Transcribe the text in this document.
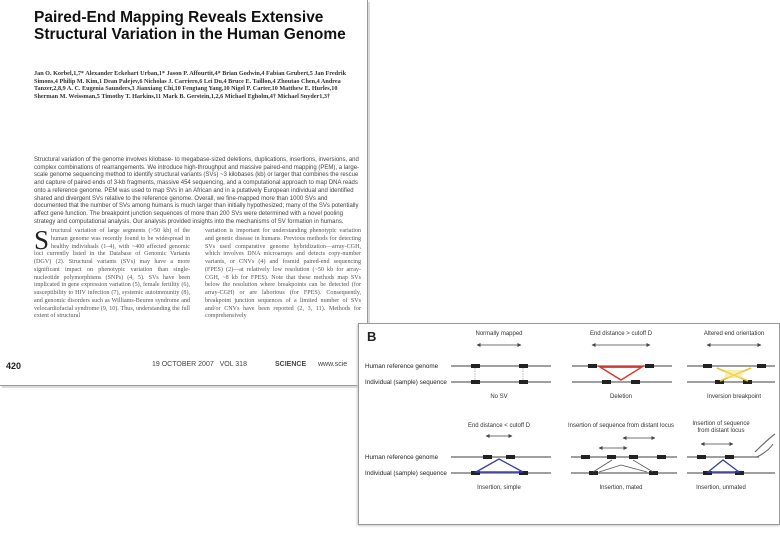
Paired-End Mapping Reveals Extensive Structural Variation in the Human Genome

Jan O. Korbel,1,7* Alexander Eckehart Urban,1* Jason P. Affourtit,4* Brian Godwin,4 Fabian Grubert,5 Jan Fredrik Simons,4 Philip M. Kim,1 Dean Palejev,6 Nicholas J. Carriero,6 Lei Du,4 Bruce E. Taillon,4 Zhoutao Chen,4 Andrea Tanzer,2,8,9 A. C. Eugenia Saunders,3 Jianxiang Chi,10 Fengtang Yang,10 Nigel P. Carter,10 Matthew E. Hurles,10 Sherman M. Weissman,5 Timothy T. Harkins,11 Mark B. Gerstein,1,2,6 Michael Egholm,4† Michael Snyder1,3†

Structural variation of the genome involves kilobase- to megabase-sized deletions, duplications, insertions, inversions, and complex combinations of rearrangements. We introduce high-throughput and massive paired-end mapping (PEM), a large-scale genome sequencing method to identify structural variants (SVs) ~3 kilobases (kb) or larger that combines the rescue and capture of paired ends of 3-kb fragments, massive 454 sequencing, and a computational approach to map DNA reads onto a reference genome. PEM was used to map SVs in an African and in a putatively European individual and identified shared and divergent SVs relative to the reference genome. Overall, we fine-mapped more than 1000 SVs and documented that the number of SVs among humans is much larger than initially hypothesized; many of the SVs potentially affect gene function. The breakpoint junction sequences of more than 200 SVs were determined with a novel pooling strategy and computational analysis. Our analysis provided insights into the mechanisms of SV formation in humans.

Structural variation of large segments (>50 kb) of the human genome was recently found to be widespread in healthy individuals (1–4), with ~400 affected genomic loci currently listed in the Database of Genomic Variants (DGV) (2). Structural variants (SVs) may have a more significant impact on phenotypic variation than single-nucleotide polymorphisms (SNPs) (4, 5). SVs have been implicated in gene expression variation (5), female fertility (6), susceptibility to HIV infection (7), systemic autoimmunity (8), and genomic disorders such as Williams-Beuren syndrome and velocardiofacial syndrome (9, 10). Thus, understanding the full extent of structural

variation is important for understanding phenotypic variation and genetic disease in humans. Previous methods for detecting SVs used comparative genome hybridization—array-CGH, which involves DNA microarrays and detects copy-number variants, or CNVs (4) and fosmid paired-end sequencing (FPES) (2)—at relatively low resolution (~50 kb for array-CGH, ~8 kb for FPES). Note that these methods map SVs below the resolution where breakpoints can be detected (for array-CGH) or are laborious (for FPES). Consequently, breakpoint junction sequences of a limited number of SVs and/or CNVs have been reported (2, 3, 11). Methods for comprehensively

420	19 OCTOBER 2007 VOL 318	SCIENCE www.scie
B
Human reference genome
Individual (sample) sequence
Human reference genome
Individual (sample) sequence
Normally mapped
No SV
End distance > cutoff D
Deletion
Altered end orientation
Inversion breakpoint
End distance < cutoff D
Insertion, simple
Insertion of sequence from distant locus
Insertion, mated
Insertion of sequence
from distant locus
Insertion, unmated
